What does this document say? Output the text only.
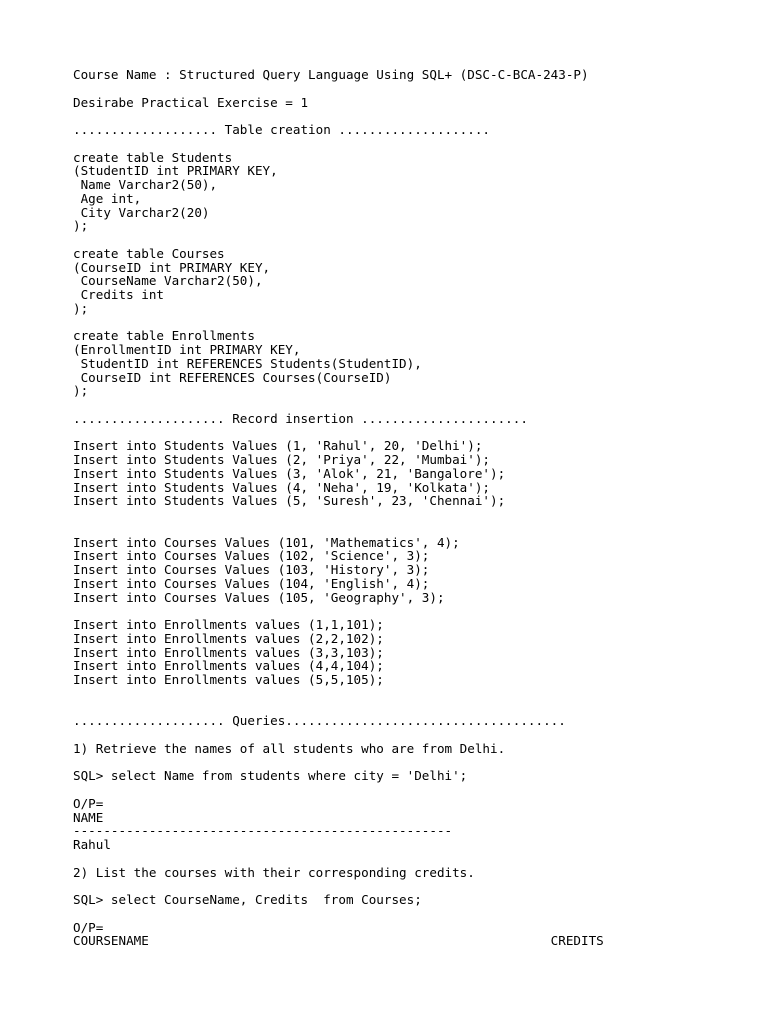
Course Name : Structured Query Language Using SQL+ (DSC-C-BCA-243-P)
Desirabe Practical Exercise = 1
................... Table creation ....................
create table Students
(StudentID int PRIMARY KEY,
Name Varchar2(50),
Age int,
City Varchar2(20)
);
create table Courses
(CourseID int PRIMARY KEY,
CourseName Varchar2(50),
Credits int
);
create table Enrollments
(EnrollmentID int PRIMARY KEY,
StudentID int REFERENCES Students(StudentID),
CourseID int REFERENCES Courses(CourseID)
);
.................... Record insertion ......................
Insert into Students Values (1, 'Rahul', 20, 'Delhi');
Insert into Students Values (2, 'Priya', 22, 'Mumbai');
Insert into Students Values (3, 'Alok', 21, 'Bangalore');
Insert into Students Values (4, 'Neha', 19, 'Kolkata');
Insert into Students Values (5, 'Suresh', 23, 'Chennai');
Insert into Courses Values (101, 'Mathematics', 4);
Insert into Courses Values (102, 'Science', 3);
Insert into Courses Values (103, 'History', 3);
Insert into Courses Values (104, 'English', 4);
Insert into Courses Values (105, 'Geography', 3);
Insert into Enrollments values (1,1,101);
Insert into Enrollments values (2,2,102);
Insert into Enrollments values (3,3,103);
Insert into Enrollments values (4,4,104);
Insert into Enrollments values (5,5,105);
.................... Queries.....................................
1) Retrieve the names of all students who are from Delhi.
SQL> select Name from students where city = 'Delhi';
O/P=
NAME
--------------------------------------------------
Rahul
2) List the courses with their corresponding credits.
SQL> select CourseName, Credits  from Courses;
O/P=
COURSENAME                                                     CREDITS
